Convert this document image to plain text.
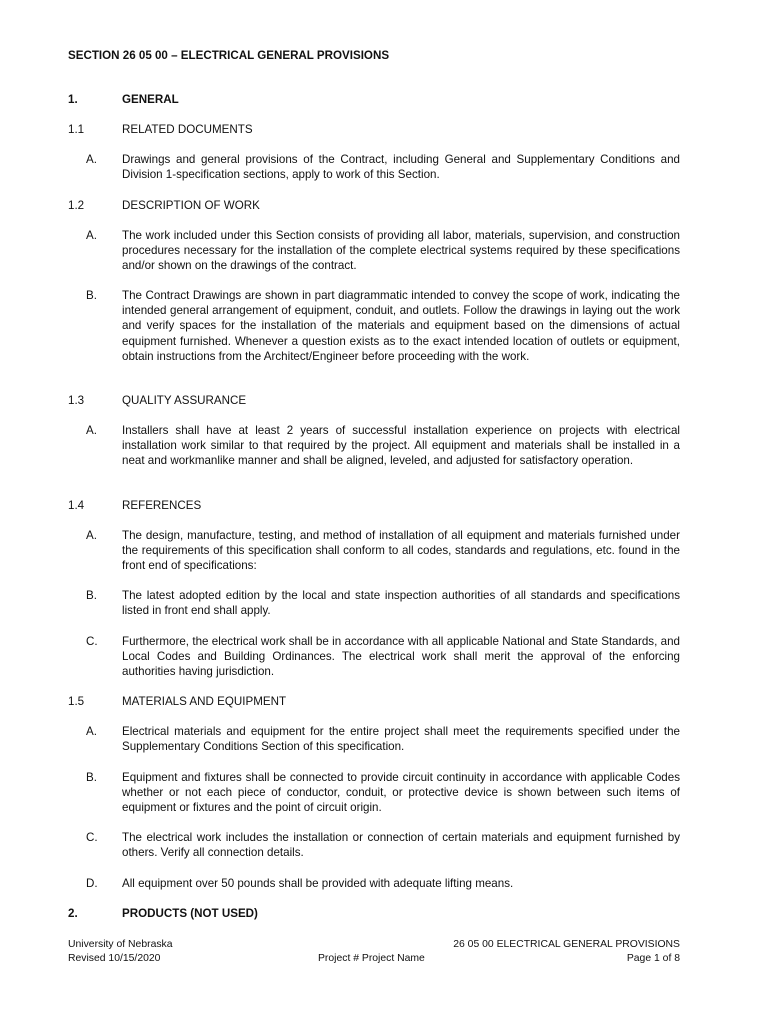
SECTION 26 05 00 – ELECTRICAL GENERAL PROVISIONS
1.	GENERAL
1.1	RELATED DOCUMENTS
A. Drawings and general provisions of the Contract, including General and Supplementary Conditions and Division 1-specification sections, apply to work of this Section.
1.2	DESCRIPTION OF WORK
A. The work included under this Section consists of providing all labor, materials, supervision, and construction procedures necessary for the installation of the complete electrical systems required by these specifications and/or shown on the drawings of the contract.
B. The Contract Drawings are shown in part diagrammatic intended to convey the scope of work, indicating the intended general arrangement of equipment, conduit, and outlets. Follow the drawings in laying out the work and verify spaces for the installation of the materials and equipment based on the dimensions of actual equipment furnished. Whenever a question exists as to the exact intended location of outlets or equipment, obtain instructions from the Architect/Engineer before proceeding with the work.
1.3	QUALITY ASSURANCE
A. Installers shall have at least 2 years of successful installation experience on projects with electrical installation work similar to that required by the project. All equipment and materials shall be installed in a neat and workmanlike manner and shall be aligned, leveled, and adjusted for satisfactory operation.
1.4	REFERENCES
A. The design, manufacture, testing, and method of installation of all equipment and materials furnished under the requirements of this specification shall conform to all codes, standards and regulations, etc. found in the front end of specifications:
B. The latest adopted edition by the local and state inspection authorities of all standards and specifications listed in front end shall apply.
C. Furthermore, the electrical work shall be in accordance with all applicable National and State Standards, and Local Codes and Building Ordinances. The electrical work shall merit the approval of the enforcing authorities having jurisdiction.
1.5	MATERIALS AND EQUIPMENT
A. Electrical materials and equipment for the entire project shall meet the requirements specified under the Supplementary Conditions Section of this specification.
B. Equipment and fixtures shall be connected to provide circuit continuity in accordance with applicable Codes whether or not each piece of conductor, conduit, or protective device is shown between such items of equipment or fixtures and the point of circuit origin.
C. The electrical work includes the installation or connection of certain materials and equipment furnished by others. Verify all connection details.
D. All equipment over 50 pounds shall be provided with adequate lifting means.
2.	PRODUCTS (NOT USED)
University of Nebraska
Revised 10/15/2020	Project # Project Name
26 05 00 ELECTRICAL GENERAL PROVISIONS
Page 1 of 8
